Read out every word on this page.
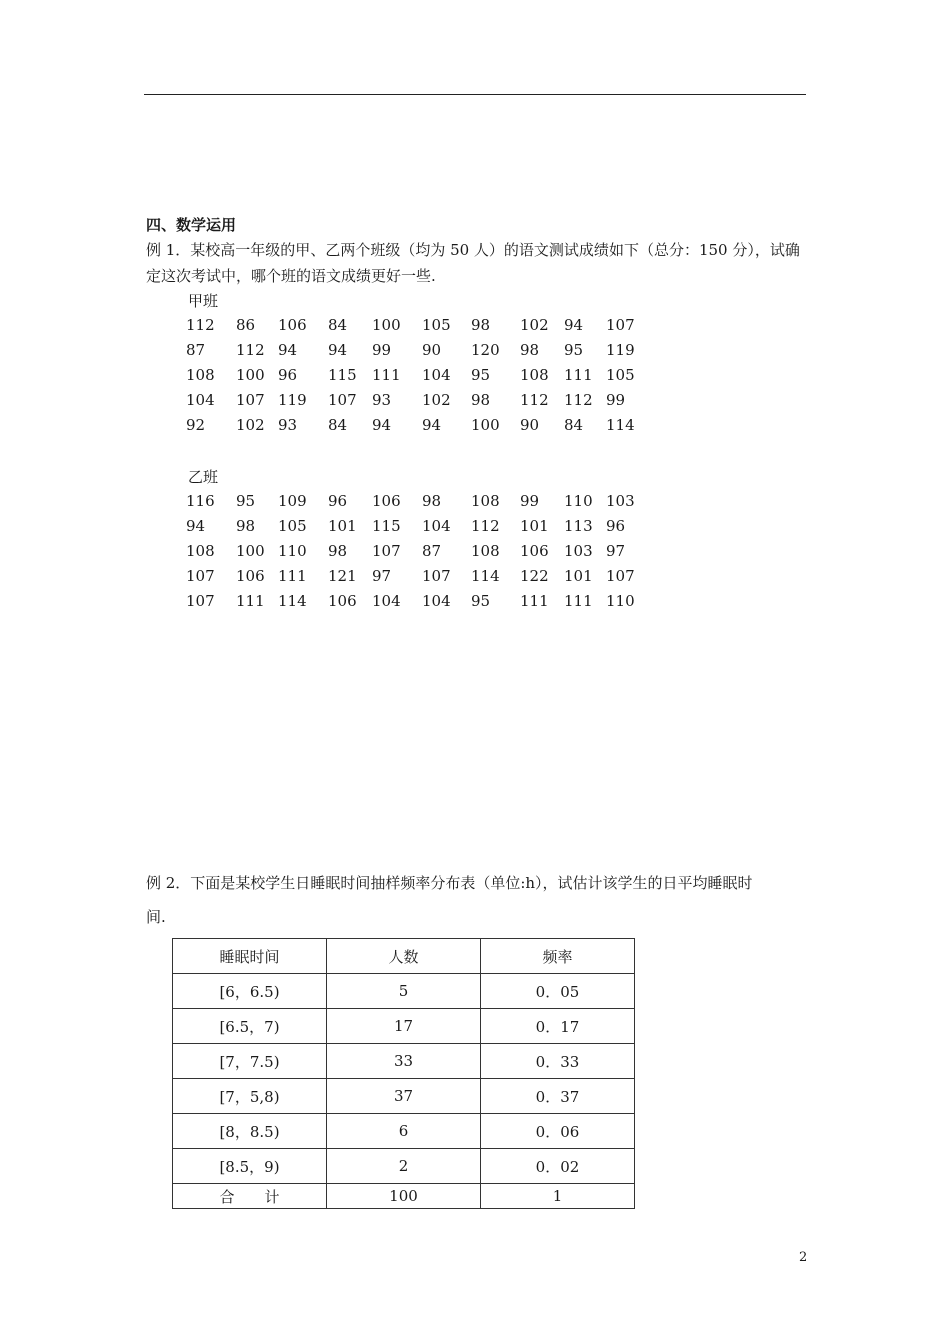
四、数学运用
例 1．某校高一年级的甲、乙两个班级（均为 50 人）的语文测试成绩如下（总分：150 分），试确
定这次考试中，哪个班的语文成绩更好一些.
甲班
112 86 106 84 100 105 98 102 94 107
87 112 94 94 99 90 120 98 95 119
108 100 96 115 111 104 95 108 111 105
104 107 119 107 93 102 98 112 112 99
92 102 93 84 94 94 100 90 84 114
乙班
116 95 109 96 106 98 108 99 110 103
94 98 105 101 115 104 112 101 113 96
108 100 110 98 107 87 108 106 103 97
107 106 111 121 97 107 114 122 101 107
107 111 114 106 104 104 95 111 111 110
例 2．下面是某校学生日睡眠时间抽样频率分布表（单位:h），试估计该学生的日平均睡眠时
间.
睡眠时间	人数	频率
[6，6.5)	5	0．05
[6.5，7)	17	0．17
[7，7.5)	33	0．33
[7，5,8)	37	0．37
[8，8.5)	6	0．06
[8.5，9)	2	0．02
合　　计	100	1
2
